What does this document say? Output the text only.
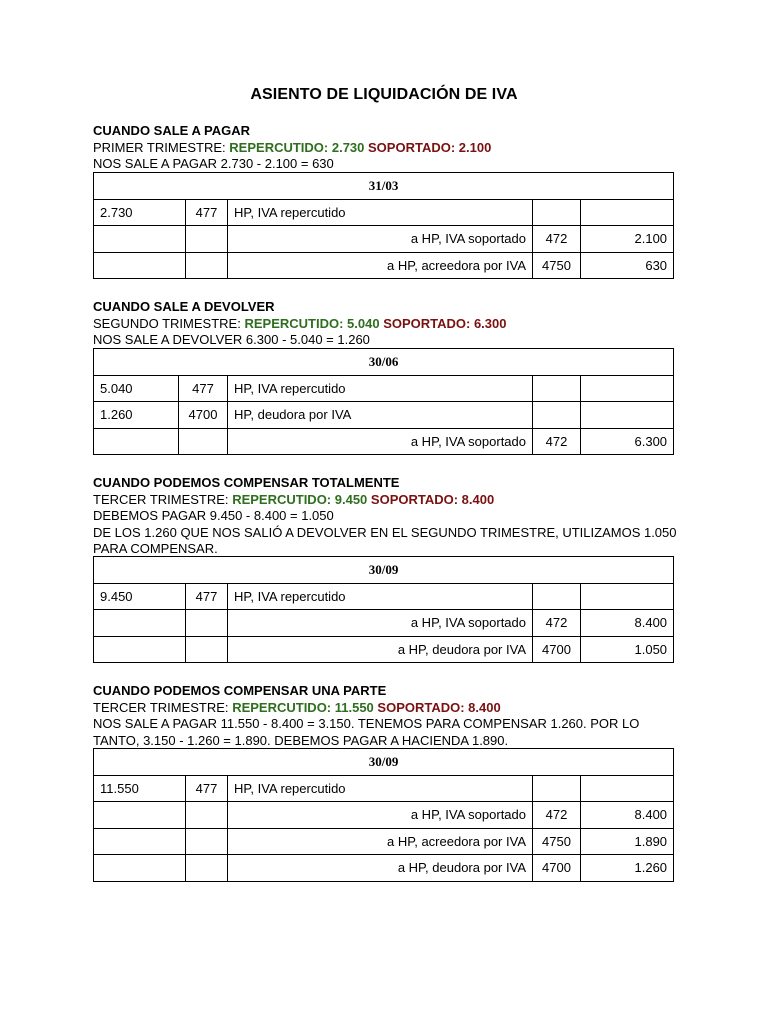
ASIENTO DE LIQUIDACIÓN DE IVA
CUANDO SALE A PAGAR
PRIMER TRIMESTRE: REPERCUTIDO: 2.730 SOPORTADO: 2.100
NOS SALE A PAGAR 2.730 - 2.100 = 630
31/03				
2.730	477	HP, IVA repercutido		
		a HP, IVA soportado	472	2.100
		a HP, acreedora por IVA	4750	630
CUANDO SALE A DEVOLVER
SEGUNDO TRIMESTRE: REPERCUTIDO: 5.040 SOPORTADO: 6.300
NOS SALE A DEVOLVER 6.300 - 5.040 = 1.260
30/06				
5.040	477	HP, IVA repercutido		
1.260	4700	HP, deudora por IVA		
		a HP, IVA soportado	472	6.300
CUANDO PODEMOS COMPENSAR TOTALMENTE
TERCER TRIMESTRE: REPERCUTIDO: 9.450 SOPORTADO: 8.400
DEBEMOS PAGAR 9.450 - 8.400 = 1.050
DE LOS 1.260 QUE NOS SALIÓ A DEVOLVER EN EL SEGUNDO TRIMESTRE, UTILIZAMOS 1.050 PARA COMPENSAR.
30/09				
9.450	477	HP, IVA repercutido		
		a HP, IVA soportado	472	8.400
		a HP, deudora por IVA	4700	1.050
CUANDO PODEMOS COMPENSAR UNA PARTE
TERCER TRIMESTRE: REPERCUTIDO: 11.550 SOPORTADO: 8.400
NOS SALE A PAGAR 11.550 - 8.400 = 3.150. TENEMOS PARA COMPENSAR 1.260. POR LO TANTO, 3.150 - 1.260 = 1.890. DEBEMOS PAGAR A HACIENDA 1.890.
30/09				
11.550	477	HP, IVA repercutido		
		a HP, IVA soportado	472	8.400
		a HP, acreedora por IVA	4750	1.890
		a HP, deudora por IVA	4700	1.260
